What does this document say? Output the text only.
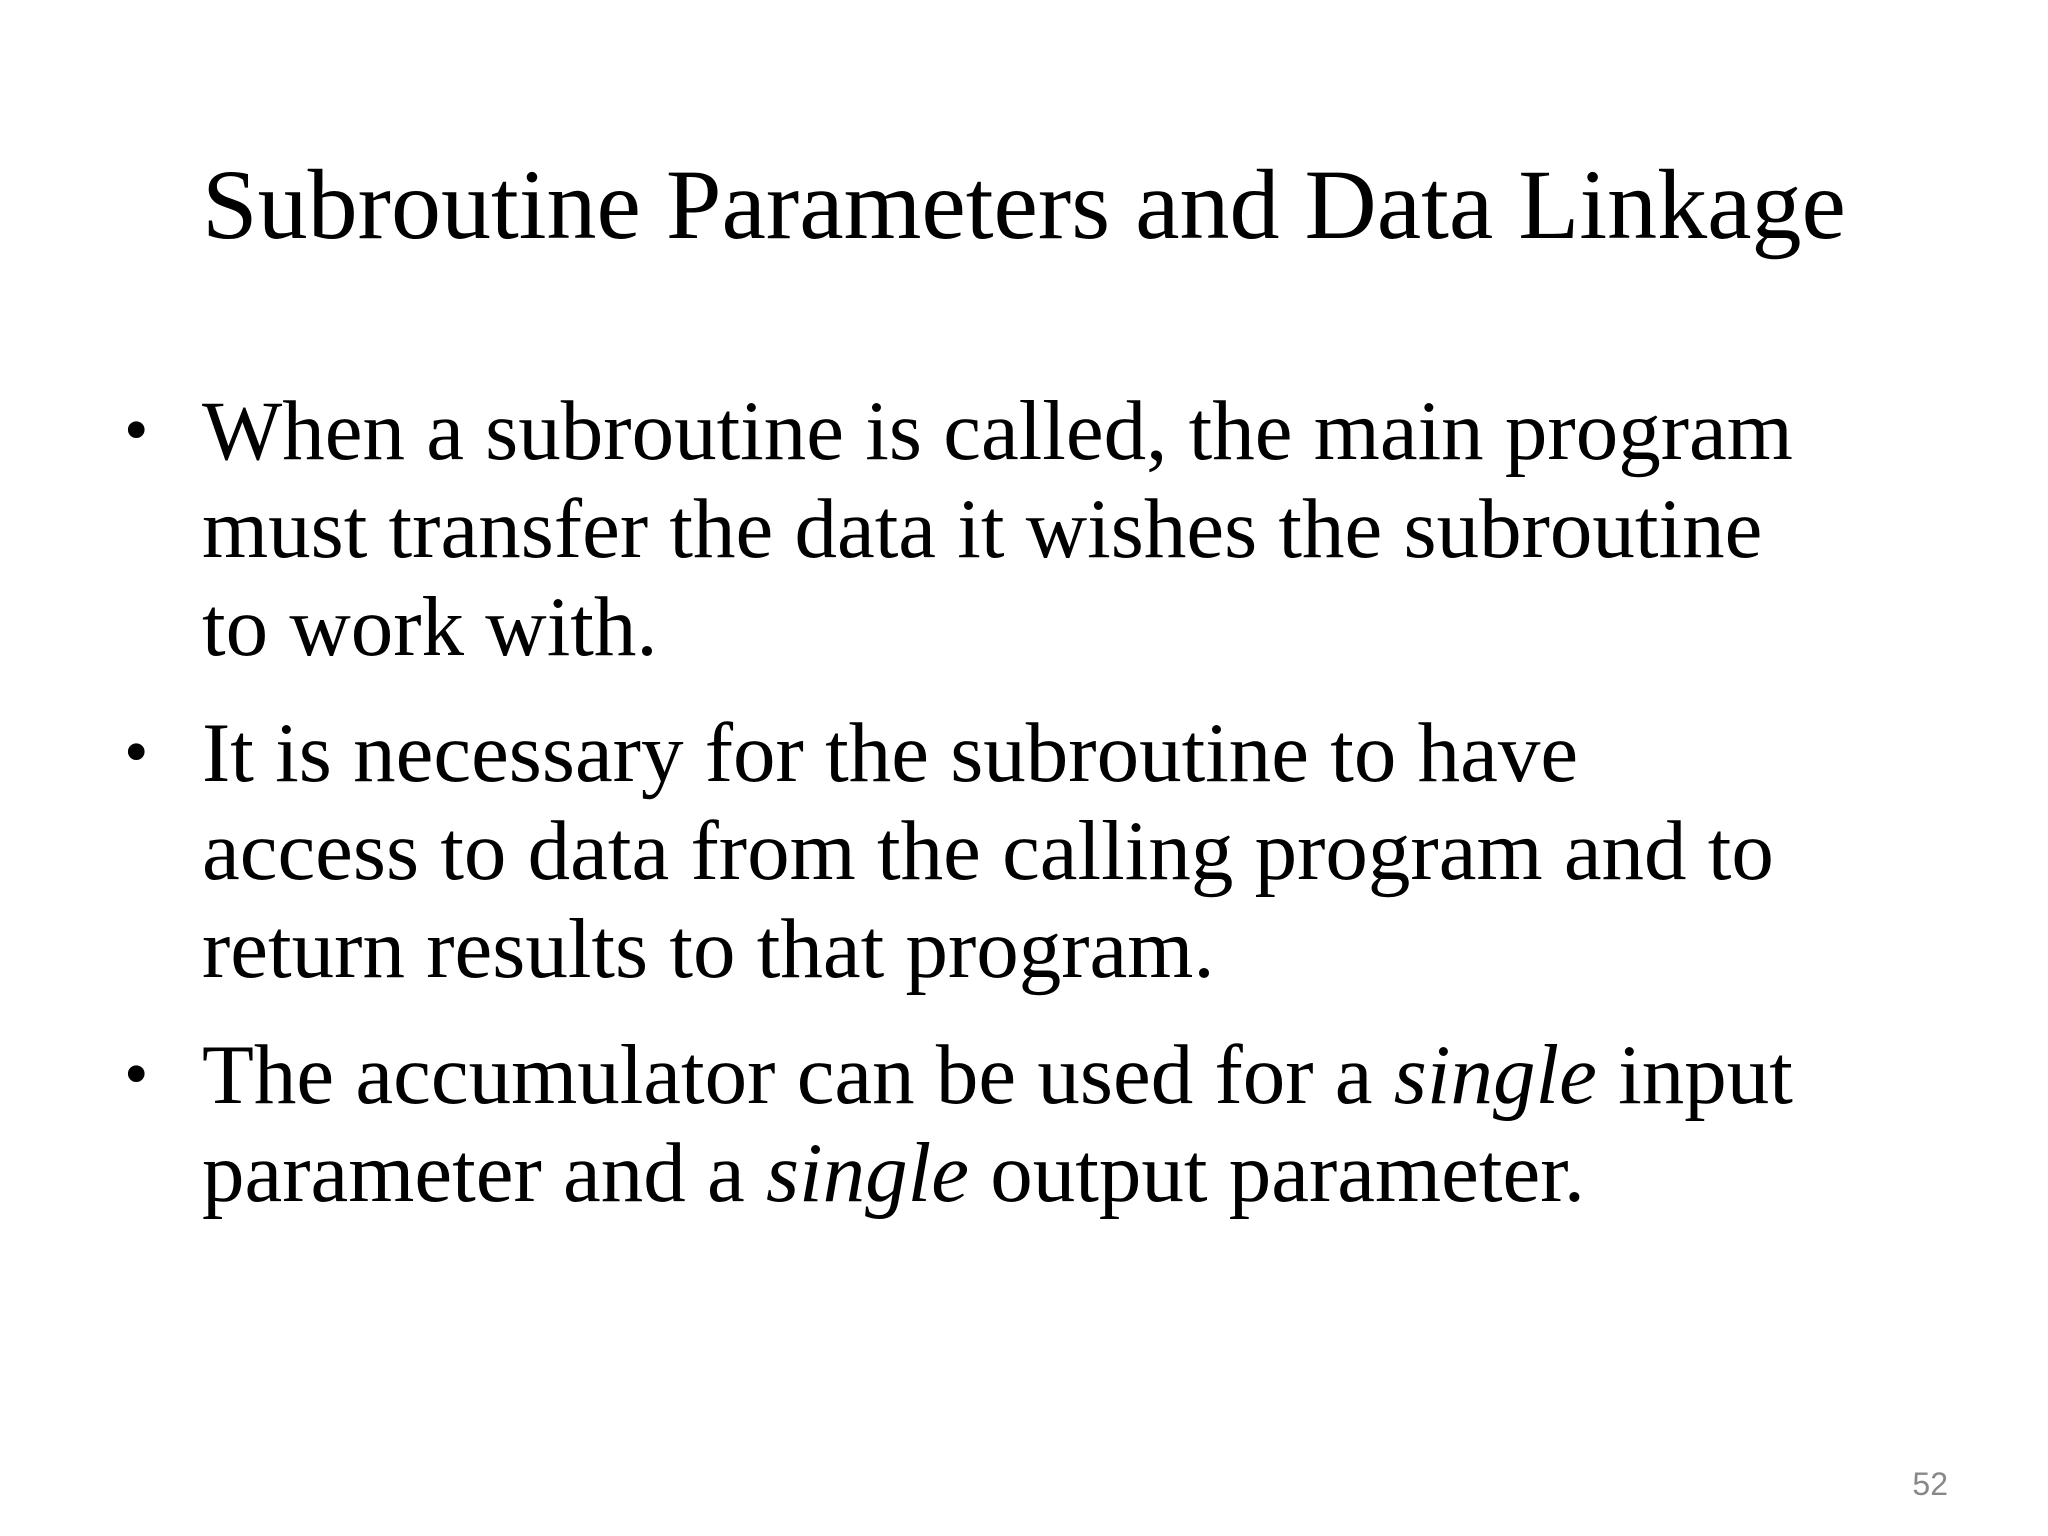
Subroutine Parameters and Data Linkage
• When a subroutine is called, the main program
must transfer the data it wishes the subroutine
to work with.
• It is necessary for the subroutine to have
access to data from the calling program and to
return results to that program.
• The accumulator can be used for a single input
parameter and a single output parameter.
52
